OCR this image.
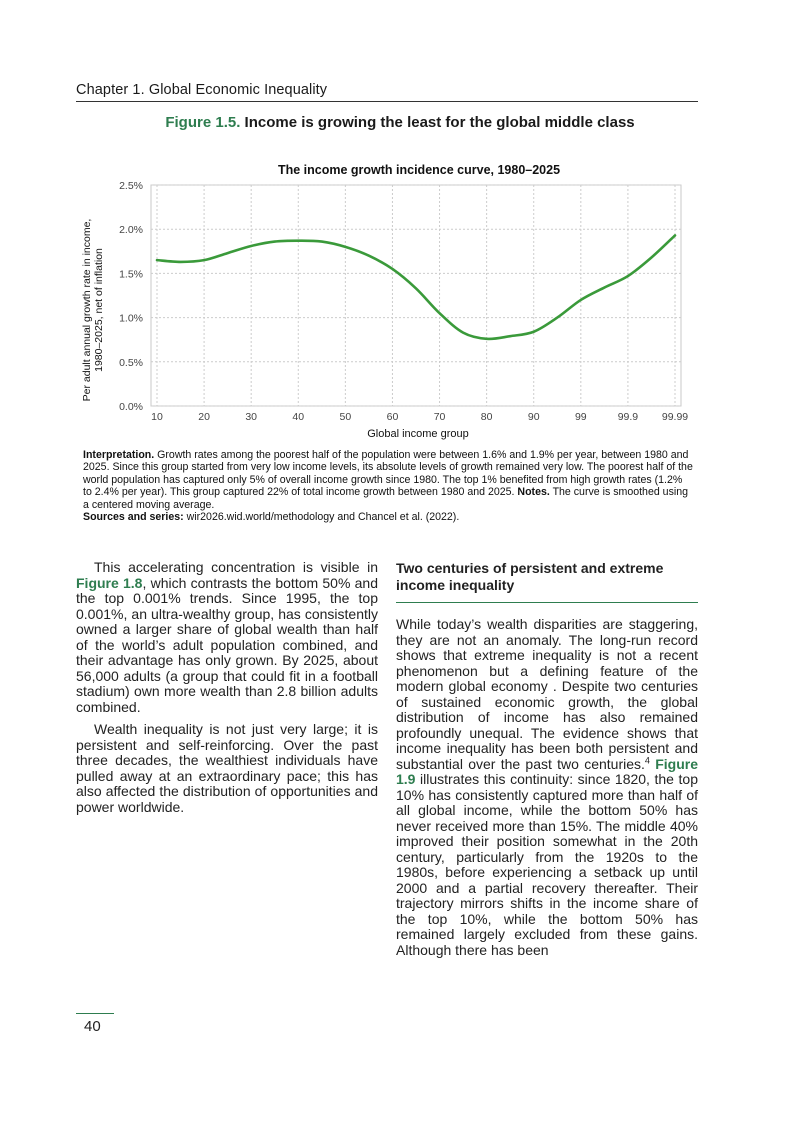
Chapter 1. Global Economic Inequality
Figure 1.5. Income is growing the least for the global middle class
The income growth incidence curve, 1980–2025
0.0%
0.5%
1.0%
1.5%
2.0%
2.5%
10	20	30	40	50	60	70	80	90	99	99.9 99.99
Per adult annual growth rate in income, 1980–2025, net of inflation
Global income group
Interpretation. Growth rates among the poorest half of the population were between 1.6% and 1.9% per year, between 1980 and 2025. Since this group started from very low income levels, its absolute levels of growth remained very low. The poorest half of the world population has captured only 5% of overall income growth since 1980. The top 1% benefited from high growth rates (1.2% to 2.4% per year). This group captured 22% of total income growth between 1980 and 2025. Notes. The curve is smoothed using a centered moving average.
Sources and series: wir2026.wid.world/methodology and Chancel et al. (2022).

This accelerating concentration is visible in Figure 1.8, which contrasts the bottom 50% and the top 0.001% trends. Since 1995, the top 0.001%, an ultra-wealthy group, has consistently owned a larger share of global wealth than half of the world’s adult population combined, and their advantage has only grown. By 2025, about 56,000 adults (a group that could fit in a football stadium) own more wealth than 2.8 billion adults combined.

Wealth inequality is not just very large; it is persistent and self-reinforcing. Over the past three decades, the wealthiest individuals have pulled away at an extraordinary pace; this has also affected the distribution of opportunities and power worldwide.

Two centuries of persistent and extreme income inequality

While today’s wealth disparities are staggering, they are not an anomaly. The long-run record shows that extreme inequality is not a recent phenomenon but a defining feature of the modern global economy . Despite two centuries of sustained economic growth, the global distribution of income has also remained profoundly unequal. The evidence shows that income inequality has been both persistent and substantial over the past two centuries.$^4$ Figure 1.9 illustrates this continuity: since 1820, the top 10% has consistently captured more than half of all global income, while the bottom 50% has never received more than 15%. The middle 40% improved their position somewhat in the 20th century, particularly from the 1920s to the 1980s, before experiencing a setback up until 2000 and a partial recovery thereafter. Their trajectory mirrors shifts in the income share of the top 10%, while the bottom 50% has remained largely excluded from these gains. Although there has been

40
